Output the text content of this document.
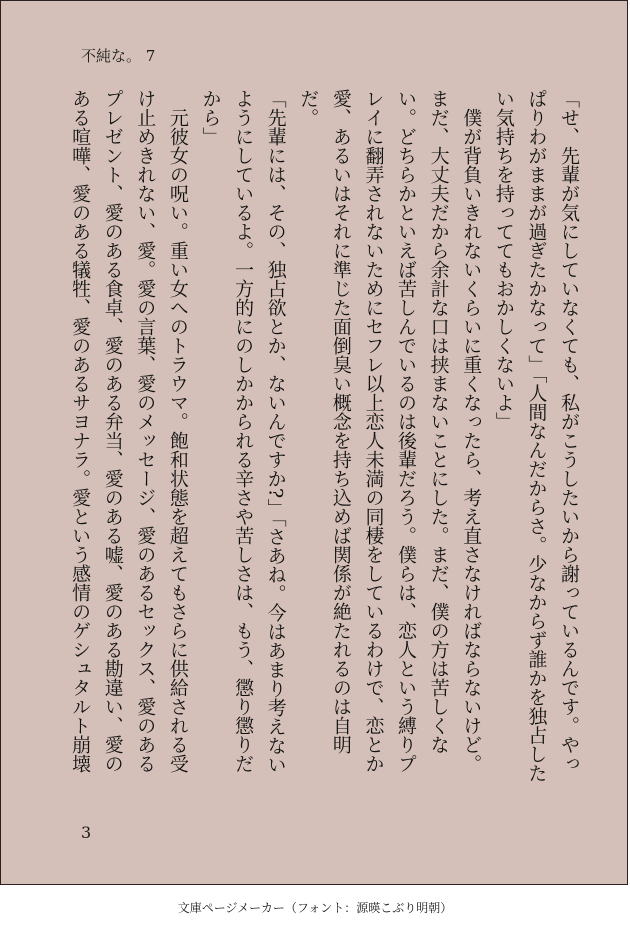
不純な。 7

「せ、先輩が気にしていなくても、私がこうしたいから謝っているんです。やっぱりわがままが過ぎたかなって」「人間なんだからさ。少なからず誰かを独占したい気持ちを持っててもおかしくないよ」

　僕が背負いきれないくらいに重くなったら、考え直さなければならないけど。まだ、大丈夫だから余計な口は挟まないことにした。まだ、僕の方は苦しくない。どちらかといえば苦しんでいるのは後輩だろう。僕らは、恋人という縛りプレイに翻弄されないためにセフレ以上恋人未満の同棲をしているわけで、恋とか愛、あるいはそれに準じた面倒臭い概念を持ち込めば関係が絶たれるのは自明だ。

「先輩には、その、独占欲とか、ないんですか?」「さあね。今はあまり考えないようにしているよ。一方的にのしかかられる辛さや苦しさは、もう、懲り懲りだから」

　元彼女の呪い。重い女へのトラウマ。飽和状態を超えてもさらに供給される受け止めきれない、愛。愛の言葉、愛のメッセージ、愛のあるセックス、愛のあるプレゼント、愛のある食卓、愛のある弁当、愛のある嘘、愛のある勘違い、愛のある喧嘩、愛のある犠牲、愛のあるサヨナラ。愛という感情のゲシュタルト崩壊

3
文庫ページメーカー（フォント：源暎こぶり明朝）
